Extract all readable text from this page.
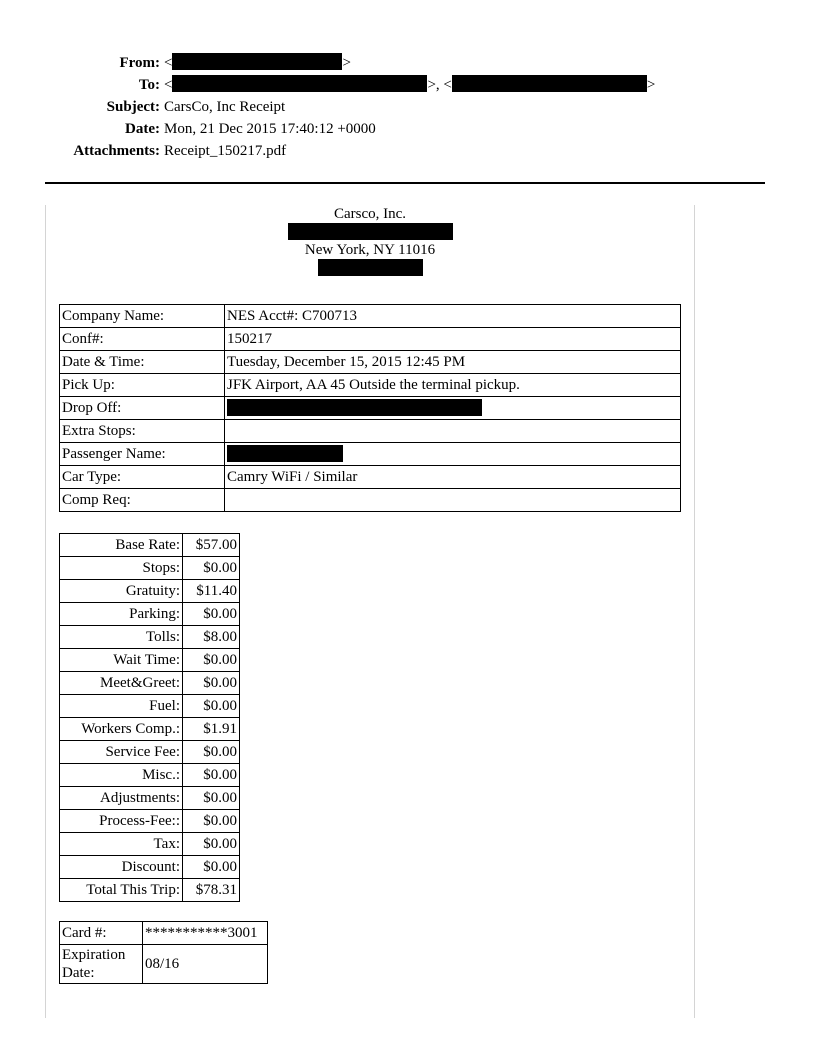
From: <	>
To: <	>, <	>
Subject: CarsCo, Inc Receipt
Date: Mon, 21 Dec 2015 17:40:12 +0000
Attachments: Receipt_150217.pdf
Carsco, Inc.
New York, NY 11016
Company Name:	NES Acct#: C700713
Conf#:	150217
Date & Time:	Tuesday, December 15, 2015 12:45 PM
Pick Up:	JFK Airport, AA 45 Outside the terminal pickup.
Drop Off:	
Extra Stops:	
Passenger Name:	
Car Type:	Camry WiFi / Similar
Comp Req:	
Base Rate:	$57.00
Stops:	$0.00
Gratuity:	$11.40
Parking:	$0.00
Tolls:	$8.00
Wait Time:	$0.00
Meet&Greet:	$0.00
Fuel:	$0.00
Workers Comp.:	$1.91
Service Fee:	$0.00
Misc.:	$0.00
Adjustments:	$0.00
Process-Fee::	$0.00
Tax:	$0.00
Discount:	$0.00
Total This Trip:	$78.31
Card #:	***********3001
Expiration Date:	08/16
